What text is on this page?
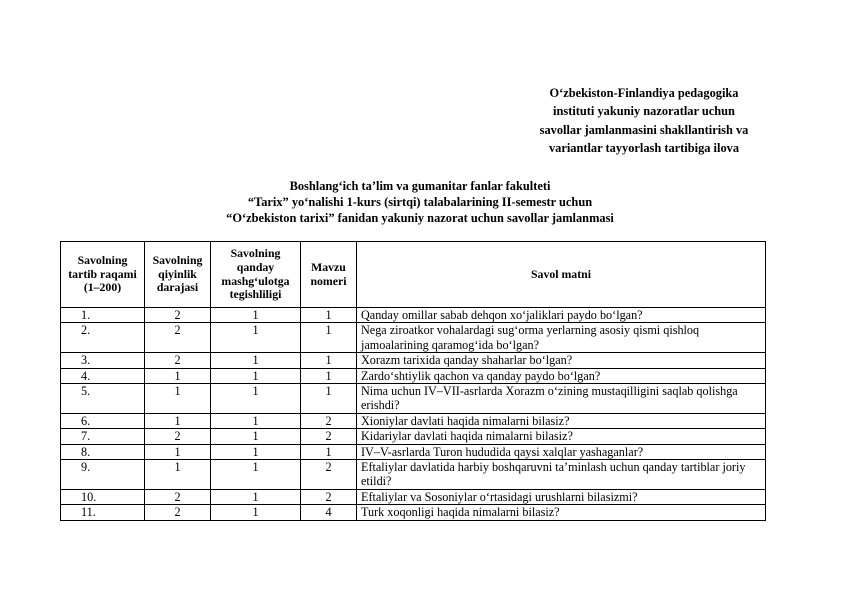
O‘zbekiston-Finlandiya pedagogika
instituti yakuniy nazoratlar uchun
savollar jamlanmasini shakllantirish va
variantlar tayyorlash tartibiga ilova
Boshlang‘ich ta’lim va gumanitar fanlar fakulteti
“Tarix” yo‘nalishi 1-kurs (sirtqi) talabalarining II-semestr uchun
“O‘zbekiston tarixi” fanidan yakuniy nazorat uchun savollar jamlanmasi
Savolning tartib raqami (1–200)	Savolning qiyinlik darajasi	Savolning qanday mashg‘ulotga tegishliligi	Mavzu nomeri	Savol matni
1.	2	1	1	Qanday omillar sabab dehqon xo‘jaliklari paydo bo‘lgan?
2.	2	1	1	Nega ziroatkor vohalardagi sug‘orma yerlarning asosiy qismi qishloq jamoalarining qaramog‘ida bo‘lgan?
3.	2	1	1	Xorazm tarixida qanday shaharlar bo‘lgan?
4.	1	1	1	Zardo‘shtiylik qachon va qanday paydo bo‘lgan?
5.	1	1	1	Nima uchun IV–VII-asrlarda Xorazm o‘zining mustaqilligini saqlab qolishga erishdi?
6.	1	1	2	Xioniylar davlati haqida nimalarni bilasiz?
7.	2	1	2	Kidariylar davlati haqida nimalarni bilasiz?
8.	1	1	1	IV–V-asrlarda Turon hududida qaysi xalqlar yashaganlar?
9.	1	1	2	Eftaliylar davlatida harbiy boshqaruvni ta’minlash uchun qanday tartiblar joriy etildi?
10.	2	1	2	Eftaliylar va Sosoniylar o‘rtasidagi urushlarni bilasizmi?
11.	2	1	4	Turk xoqonligi haqida nimalarni bilasiz?
